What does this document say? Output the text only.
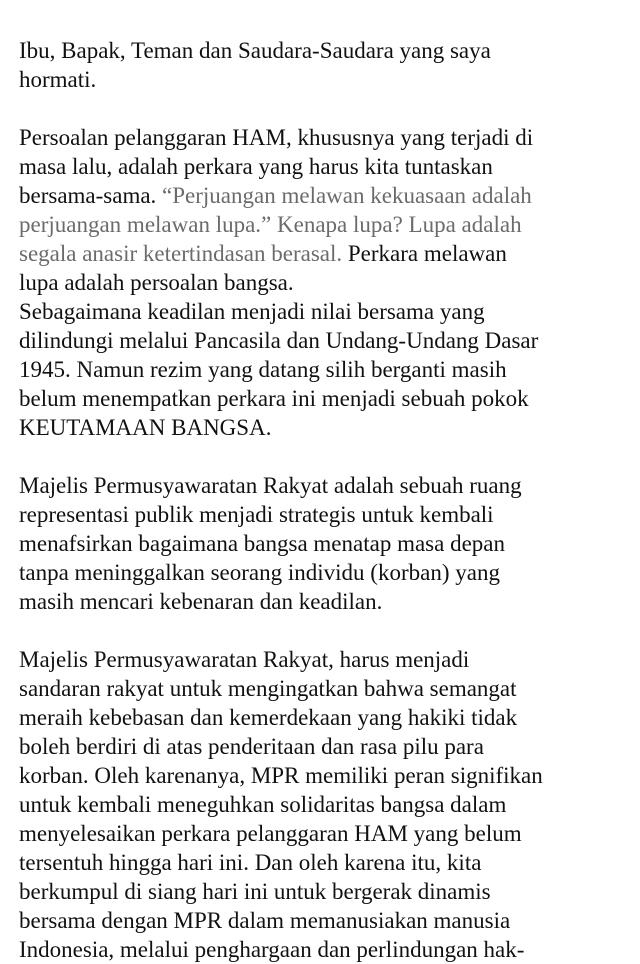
Ibu, Bapak, Teman dan Saudara-Saudara yang saya
hormati.

Persoalan pelanggaran HAM, khususnya yang terjadi di
masa lalu, adalah perkara yang harus kita tuntaskan
bersama-sama. “Perjuangan melawan kekuasaan adalah
perjuangan melawan lupa.” Kenapa lupa? Lupa adalah
segala anasir ketertindasan berasal. Perkara melawan
lupa adalah persoalan bangsa.

Sebagaimana keadilan menjadi nilai bersama yang
dilindungi melalui Pancasila dan Undang-Undang Dasar
1945. Namun rezim yang datang silih berganti masih
belum menempatkan perkara ini menjadi sebuah pokok
KEUTAMAAN BANGSA.

Majelis Permusyawaratan Rakyat adalah sebuah ruang
representasi publik menjadi strategis untuk kembali
menafsirkan bagaimana bangsa menatap masa depan
tanpa meninggalkan seorang individu (korban) yang
masih mencari kebenaran dan keadilan.

Majelis Permusyawaratan Rakyat, harus menjadi
sandaran rakyat untuk mengingatkan bahwa semangat
meraih kebebasan dan kemerdekaan yang hakiki tidak
boleh berdiri di atas penderitaan dan rasa pilu para
korban. Oleh karenanya, MPR memiliki peran signifikan
untuk kembali meneguhkan solidaritas bangsa dalam
menyelesaikan perkara pelanggaran HAM yang belum
tersentuh hingga hari ini. Dan oleh karena itu, kita
berkumpul di siang hari ini untuk bergerak dinamis
bersama dengan MPR dalam memanusiakan manusia
Indonesia, melalui penghargaan dan perlindungan hak-
